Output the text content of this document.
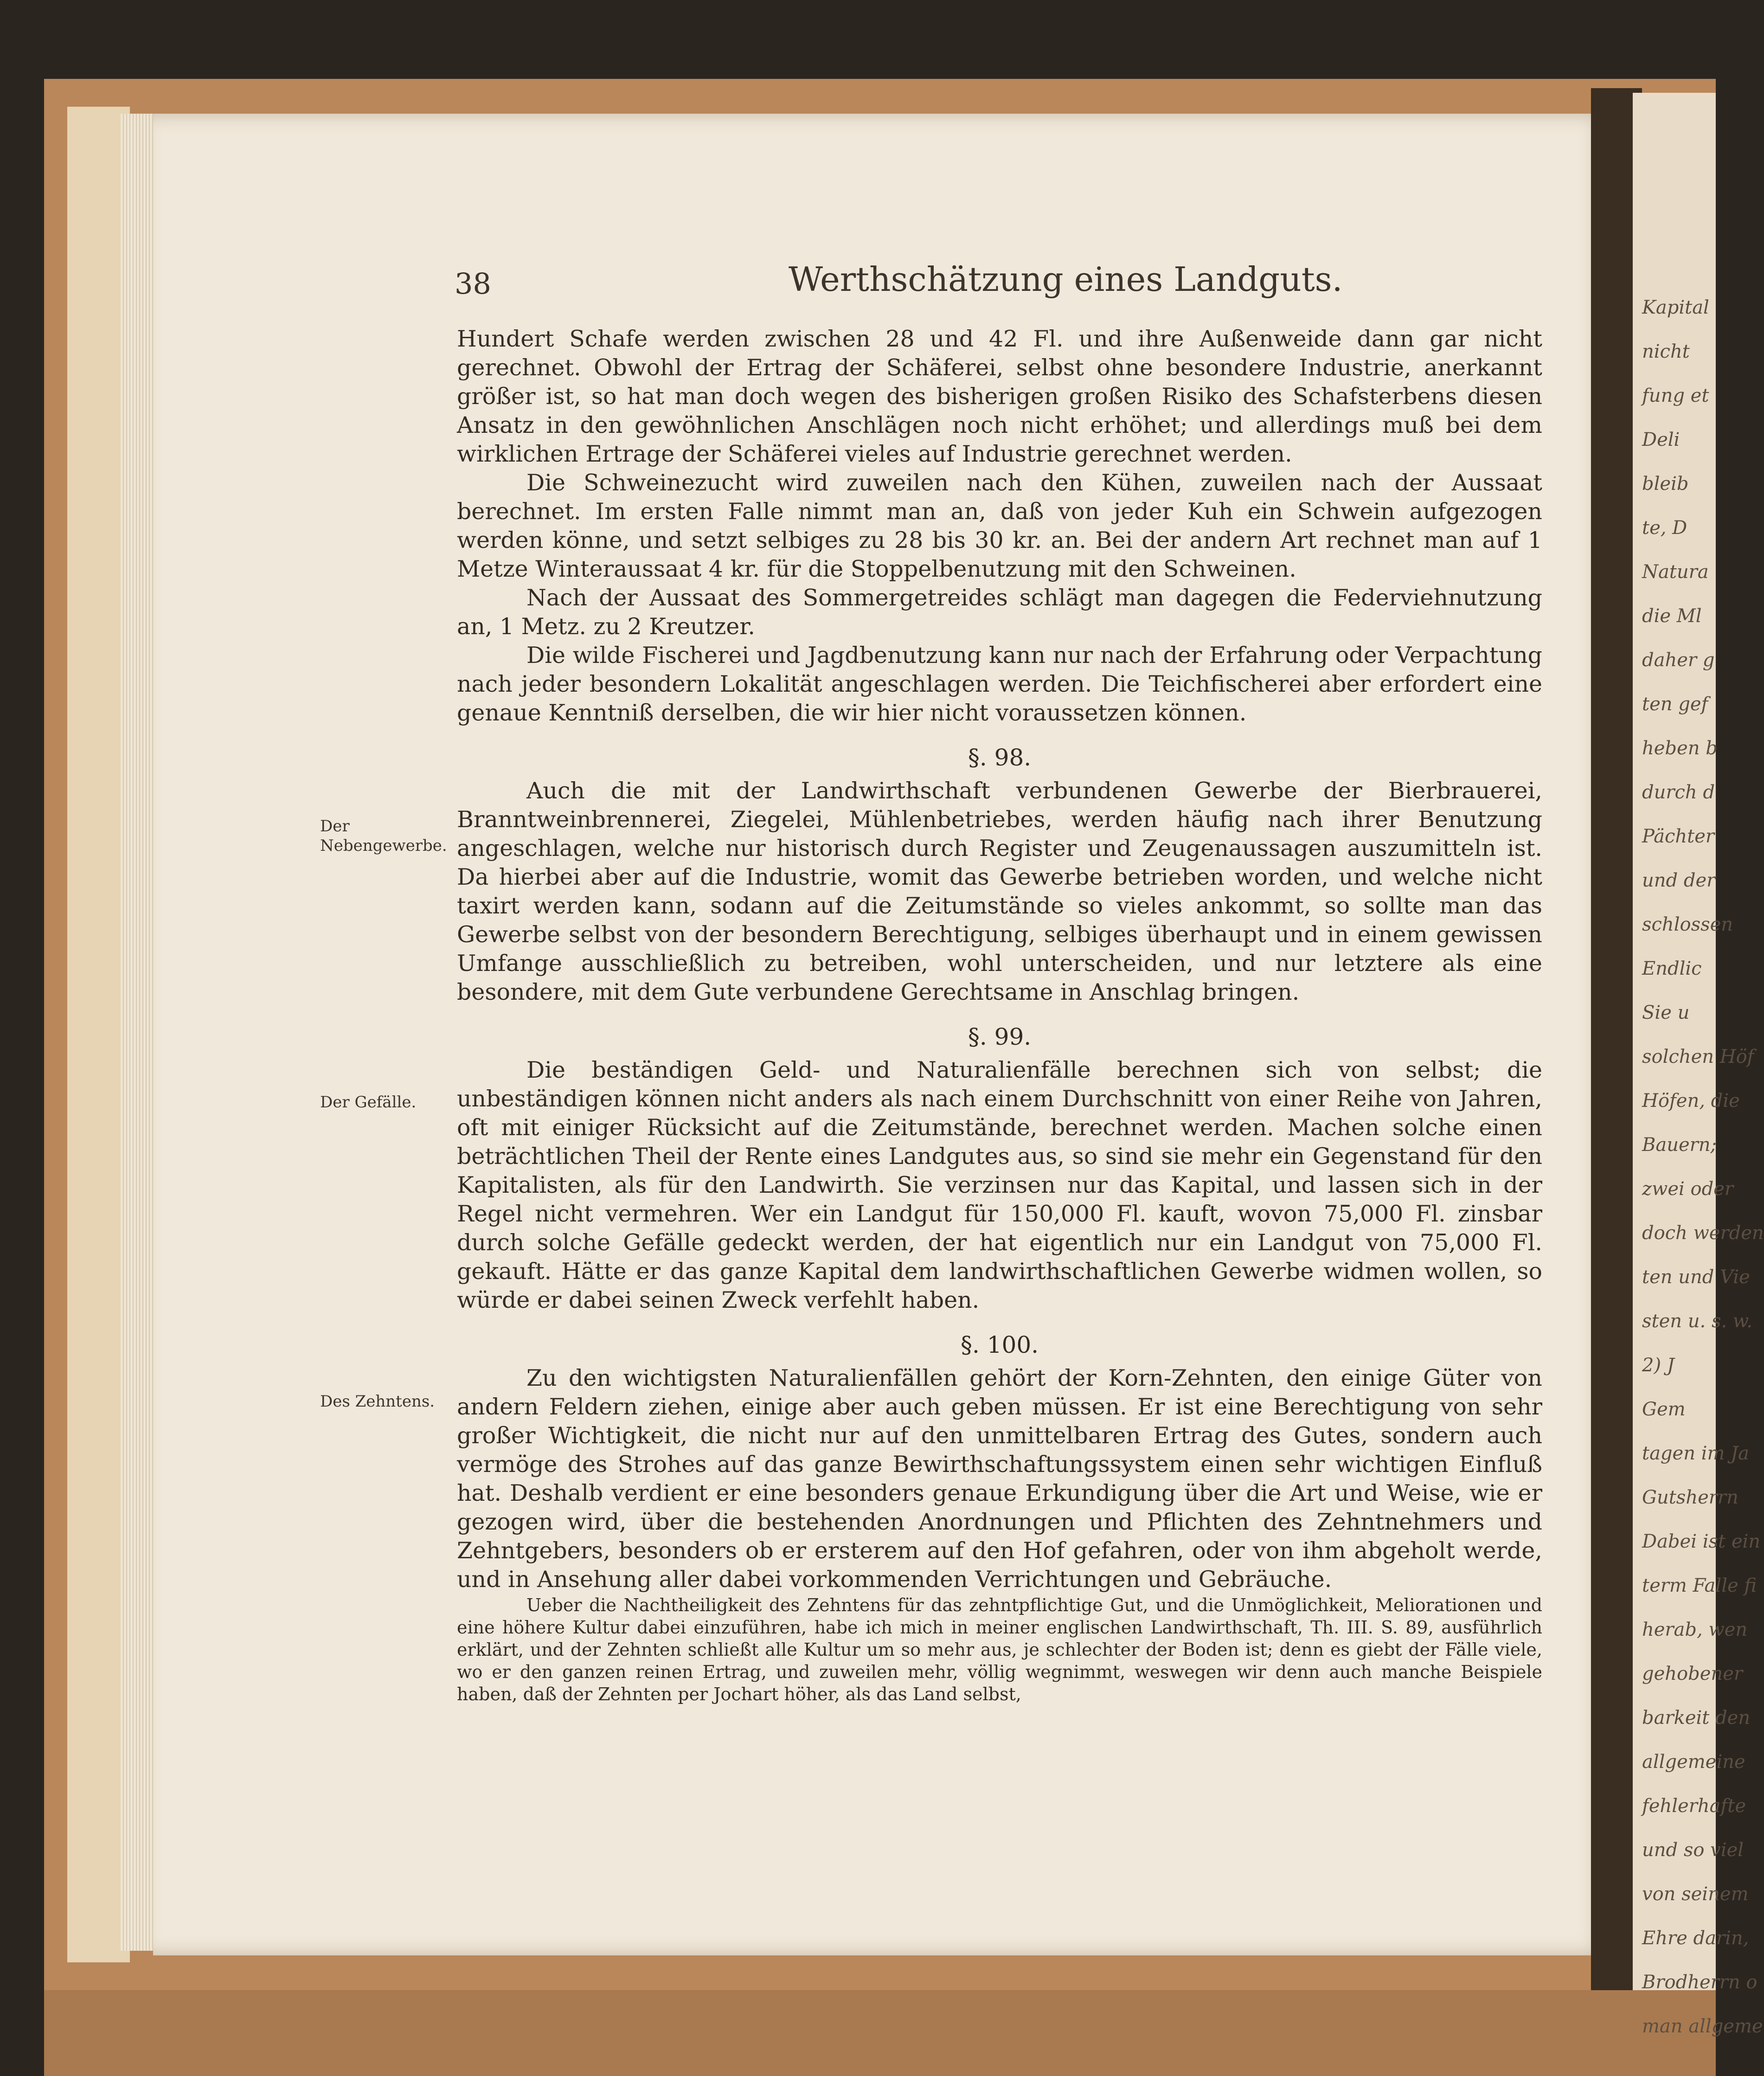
Kapital
nicht
fung et
Deli
bleib
te, D
Natura
die Ml
daher g
ten gef
heben b
durch d
Pächter
und der
schlossen
Endlic
Sie u
solchen Höf
Höfen, die
Bauern;
zwei oder
doch werden
ten und Vie
sten u. s. w.
2) J
Gem
tagen im Ja
Gutsherrn
Dabei ist ein
term Falle fi
herab, wen
gehobener
barkeit den
allgemeine
fehlerhafte
und so viel
von seinem
Ehre darin,
Brodherrn o
man allgeme
38	Werthschätzung eines Landguts.
Der Nebengewerbe.
Der Gefälle.
Des Zehntens.

Hundert Schafe werden zwischen 28 und 42 Fl. und ihre Außenweide dann gar nicht gerechnet. Obwohl der Ertrag der Schäferei, selbst ohne besondere Industrie, anerkannt größer ist, so hat man doch wegen des bisherigen großen Risiko des Schafsterbens diesen Ansatz in den gewöhnlichen Anschlägen noch nicht erhöhet; und allerdings muß bei dem wirklichen Ertrage der Schäferei vieles auf Industrie gerechnet werden.

Die Schweinezucht wird zuweilen nach den Kühen, zuweilen nach der Aussaat berechnet. Im ersten Falle nimmt man an, daß von jeder Kuh ein Schwein aufgezogen werden könne, und setzt selbiges zu 28 bis 30 kr. an. Bei der andern Art rechnet man auf 1 Metze Winteraussaat 4 kr. für die Stoppelbenutzung mit den Schweinen.

Nach der Aussaat des Sommergetreides schlägt man dagegen die Federviehnutzung an, 1 Metz. zu 2 Kreutzer.

Die wilde Fischerei und Jagdbenutzung kann nur nach der Erfahrung oder Verpachtung nach jeder besondern Lokalität angeschlagen werden. Die Teichfischerei aber erfordert eine genaue Kenntniß derselben, die wir hier nicht voraussetzen können.

§. 98.

Auch die mit der Landwirthschaft verbundenen Gewerbe der Bierbrauerei, Branntweinbrennerei, Ziegelei, Mühlenbetriebes, werden häufig nach ihrer Benutzung angeschlagen, welche nur historisch durch Register und Zeugenaussagen auszumitteln ist. Da hierbei aber auf die Industrie, womit das Gewerbe betrieben worden, und welche nicht taxirt werden kann, sodann auf die Zeitumstände so vieles ankommt, so sollte man das Gewerbe selbst von der besondern Berechtigung, selbiges überhaupt und in einem gewissen Umfange ausschließlich zu betreiben, wohl unterscheiden, und nur letztere als eine besondere, mit dem Gute verbundene Gerechtsame in Anschlag bringen.

§. 99.

Die beständigen Geld- und Naturalienfälle berechnen sich von selbst; die unbeständigen können nicht anders als nach einem Durchschnitt von einer Reihe von Jahren, oft mit einiger Rücksicht auf die Zeitumstände, berechnet werden. Machen solche einen beträchtlichen Theil der Rente eines Landgutes aus, so sind sie mehr ein Gegenstand für den Kapitalisten, als für den Landwirth. Sie verzinsen nur das Kapital, und lassen sich in der Regel nicht vermehren. Wer ein Landgut für 150,000 Fl. kauft, wovon 75,000 Fl. zinsbar durch solche Gefälle gedeckt werden, der hat eigentlich nur ein Landgut von 75,000 Fl. gekauft. Hätte er das ganze Kapital dem landwirthschaftlichen Gewerbe widmen wollen, so würde er dabei seinen Zweck verfehlt haben.

§. 100.

Zu den wichtigsten Naturalienfällen gehört der Korn-Zehnten, den einige Güter von andern Feldern ziehen, einige aber auch geben müssen. Er ist eine Berechtigung von sehr großer Wichtigkeit, die nicht nur auf den unmittelbaren Ertrag des Gutes, sondern auch vermöge des Strohes auf das ganze Bewirthschaftungssystem einen sehr wichtigen Einfluß hat. Deshalb verdient er eine besonders genaue Erkundigung über die Art und Weise, wie er gezogen wird, über die bestehenden Anordnungen und Pflichten des Zehntnehmers und Zehntgebers, besonders ob er ersterem auf den Hof gefahren, oder von ihm abgeholt werde, und in Ansehung aller dabei vorkommenden Verrichtungen und Gebräuche.

Ueber die Nachtheiligkeit des Zehntens für das zehntpflichtige Gut, und die Unmöglichkeit, Meliorationen und eine höhere Kultur dabei einzuführen, habe ich mich in meiner englischen Landwirthschaft, Th. III. S. 89, ausführlich erklärt, und der Zehnten schließt alle Kultur um so mehr aus, je schlechter der Boden ist; denn es giebt der Fälle viele, wo er den ganzen reinen Ertrag, und zuweilen mehr, völlig wegnimmt, weswegen wir denn auch manche Beispiele haben, daß der Zehnten per Jochart höher, als das Land selbst,
